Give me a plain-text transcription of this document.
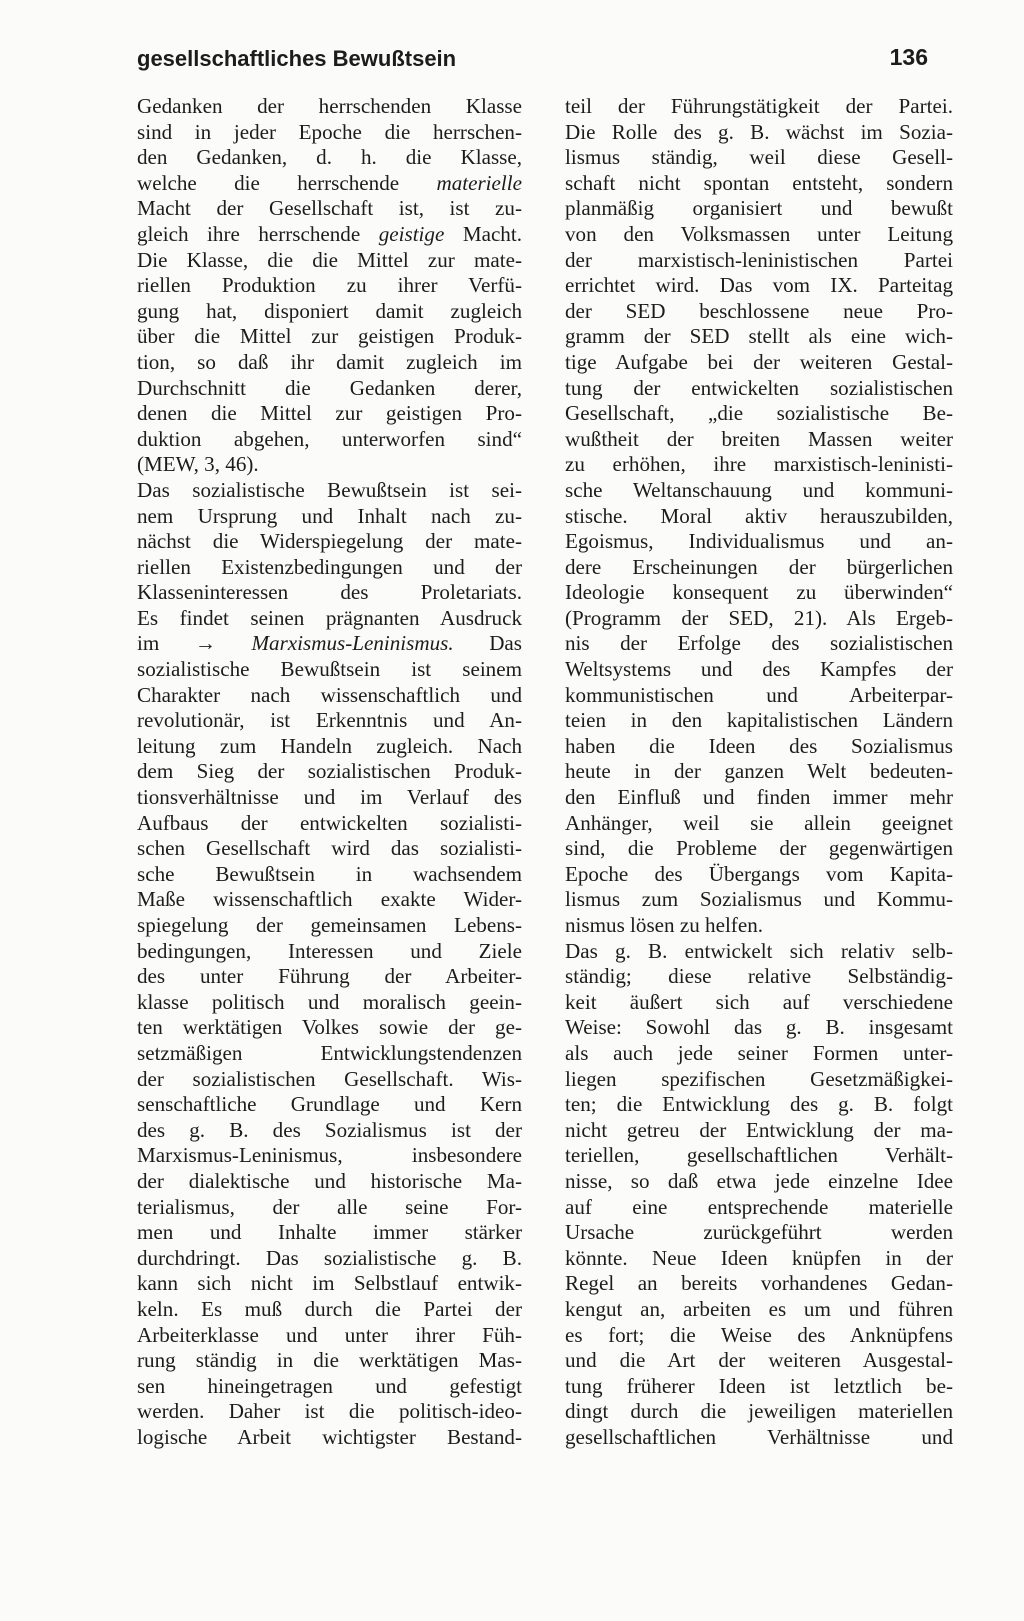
gesellschaftliches Bewußtsein	136
Gedanken der herrschenden Klasse
sind in jeder Epoche die herrschen-
den Gedanken, d. h. die Klasse,
welche die herrschende materielle
Macht der Gesellschaft ist, ist zu-
gleich ihre herrschende geistige Macht.
Die Klasse, die die Mittel zur mate-
riellen Produktion zu ihrer Verfü-
gung hat, disponiert damit zugleich
über die Mittel zur geistigen Produk-
tion, so daß ihr damit zugleich im
Durchschnitt die Gedanken derer,
denen die Mittel zur geistigen Pro-
duktion abgehen, unterworfen sind“
(MEW, 3, 46).
Das sozialistische Bewußtsein ist sei-
nem Ursprung und Inhalt nach zu-
nächst die Widerspiegelung der mate-
riellen Existenzbedingungen und der
Klasseninteressen des Proletariats.
Es findet seinen prägnanten Ausdruck
im → Marxismus-Leninismus. Das
sozialistische Bewußtsein ist seinem
Charakter nach wissenschaftlich und
revolutionär, ist Erkenntnis und An-
leitung zum Handeln zugleich. Nach
dem Sieg der sozialistischen Produk-
tionsverhältnisse und im Verlauf des
Aufbaus der entwickelten sozialisti-
schen Gesellschaft wird das sozialisti-
sche Bewußtsein in wachsendem
Maße wissenschaftlich exakte Wider-
spiegelung der gemeinsamen Lebens-
bedingungen, Interessen und Ziele
des unter Führung der Arbeiter-
klasse politisch und moralisch geein-
ten werktätigen Volkes sowie der ge-
setzmäßigen Entwicklungstendenzen
der sozialistischen Gesellschaft. Wis-
senschaftliche Grundlage und Kern
des g. B. des Sozialismus ist der
Marxismus-Leninismus, insbesondere
der dialektische und historische Ma-
terialismus, der alle seine For-
men und Inhalte immer stärker
durchdringt. Das sozialistische g. B.
kann sich nicht im Selbstlauf entwik-
keln. Es muß durch die Partei der
Arbeiterklasse und unter ihrer Füh-
rung ständig in die werktätigen Mas-
sen hineingetragen und gefestigt
werden. Daher ist die politisch-ideo-
logische Arbeit wichtigster Bestand-
teil der Führungstätigkeit der Partei.
Die Rolle des g. B. wächst im Sozia-
lismus ständig, weil diese Gesell-
schaft nicht spontan entsteht, sondern
planmäßig organisiert und bewußt
von den Volksmassen unter Leitung
der marxistisch-leninistischen Partei
errichtet wird. Das vom IX. Parteitag
der SED beschlossene neue Pro-
gramm der SED stellt als eine wich-
tige Aufgabe bei der weiteren Gestal-
tung der entwickelten sozialistischen
Gesellschaft, „die sozialistische Be-
wußtheit der breiten Massen weiter
zu erhöhen, ihre marxistisch-leninisti-
sche Weltanschauung und kommuni-
stische. Moral aktiv herauszubilden,
Egoismus, Individualismus und an-
dere Erscheinungen der bürgerlichen
Ideologie konsequent zu überwinden“
(Programm der SED, 21). Als Ergeb-
nis der Erfolge des sozialistischen
Weltsystems und des Kampfes der
kommunistischen und Arbeiterpar-
teien in den kapitalistischen Ländern
haben die Ideen des Sozialismus
heute in der ganzen Welt bedeuten-
den Einfluß und finden immer mehr
Anhänger, weil sie allein geeignet
sind, die Probleme der gegenwärtigen
Epoche des Übergangs vom Kapita-
lismus zum Sozialismus und Kommu-
nismus lösen zu helfen.
Das g. B. entwickelt sich relativ selb-
ständig; diese relative Selbständig-
keit äußert sich auf verschiedene
Weise: Sowohl das g. B. insgesamt
als auch jede seiner Formen unter-
liegen spezifischen Gesetzmäßigkei-
ten; die Entwicklung des g. B. folgt
nicht getreu der Entwicklung der ma-
teriellen, gesellschaftlichen Verhält-
nisse, so daß etwa jede einzelne Idee
auf eine entsprechende materielle
Ursache zurückgeführt werden
könnte. Neue Ideen knüpfen in der
Regel an bereits vorhandenes Gedan-
kengut an, arbeiten es um und führen
es fort; die Weise des Anknüpfens
und die Art der weiteren Ausgestal-
tung früherer Ideen ist letztlich be-
dingt durch die jeweiligen materiellen
gesellschaftlichen Verhältnisse und
